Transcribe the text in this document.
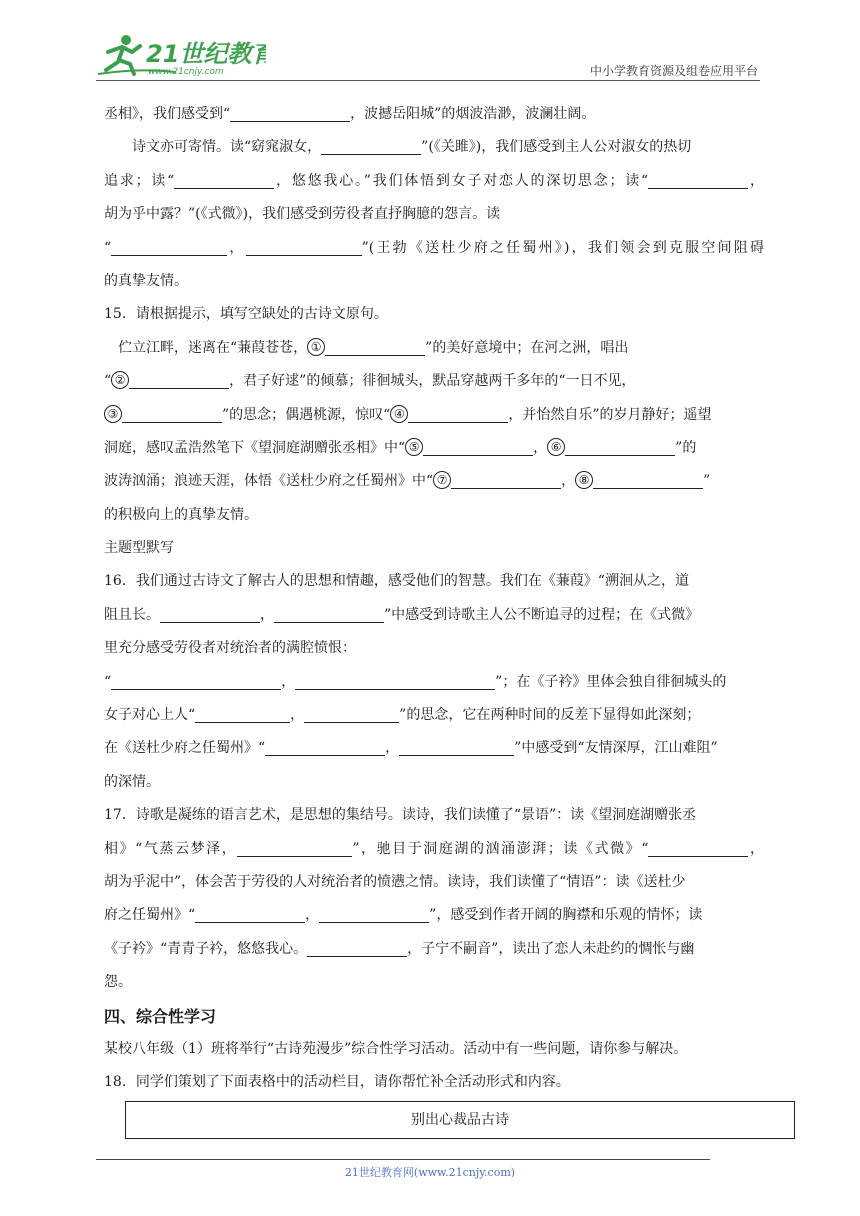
21世纪教育
www.21cnjy.com	中小学教育资源及组卷应用平台
丞相》，我们感受到“	，波撼岳阳城”的烟波浩渺，波澜壮阔。
诗文亦可寄情。读“窈窕淑女，	”(《关雎》)，我们感受到主人公对淑女的热切
追求；读“	，悠悠我心。”我们体悟到女子对恋人的深切思念；读“	，
胡为乎中露？”(《式微》)，我们感受到劳役者直抒胸臆的怨言。读
“	，	”(王勃《送杜少府之任蜀州》)，我们领会到克服空间阻碍
的真挚友情。
15．请根据提示，填写空缺处的古诗文原句。
伫立江畔，迷离在“蒹葭苍苍， ①	”的美好意境中；在河之洲，唱出
“ ②	，君子好逑”的倾慕；徘徊城头，默品穿越两千多年的“一日不见，
③	”的思念；偶遇桃源，惊叹“ ④	，并怡然自乐”的岁月静好；遥望
洞庭，感叹孟浩然笔下《望洞庭湖赠张丞相》中“ ⑤	， ⑥	”的
波涛汹涌；浪迹天涯，体悟《送杜少府之任蜀州》中“ ⑦	， ⑧	”
的积极向上的真挚友情。
主题型默写
16．我们通过古诗文了解古人的思想和情趣，感受他们的智慧。我们在《蒹葭》“溯洄从之，道
阻且长。	，	”中感受到诗歌主人公不断追寻的过程；在《式微》
里充分感受劳役者对统治者的满腔愤恨：
“	，	”；在《子衿》里体会独自徘徊城头的
女子对心上人“	，	”的思念，它在两种时间的反差下显得如此深刻；
在《送杜少府之任蜀州》“	，	”中感受到“友情深厚，江山难阻”
的深情。
17．诗歌是凝练的语言艺术，是思想的集结号。读诗，我们读懂了“景语”：读《望洞庭湖赠张丞
相》“气蒸云梦泽，	”，驰目于洞庭湖的汹涌澎湃；读《式微》“	，
胡为乎泥中”，体会苦于劳役的人对统治者的愤懑之情。读诗，我们读懂了“情语”：读《送杜少
府之任蜀州》“	，	”，感受到作者开阔的胸襟和乐观的情怀；读
《子衿》“青青子衿，悠悠我心。	，子宁不嗣音”，读出了恋人未赴约的惆怅与幽
怨。
四、综合性学习
某校八年级（1）班将举行“古诗苑漫步”综合性学习活动。活动中有一些问题，请你参与解决。
18．同学们策划了下面表格中的活动栏目，请你帮忙补全活动形式和内容。
别出心裁品古诗
21世纪教育网(www.21cnjy.com)
